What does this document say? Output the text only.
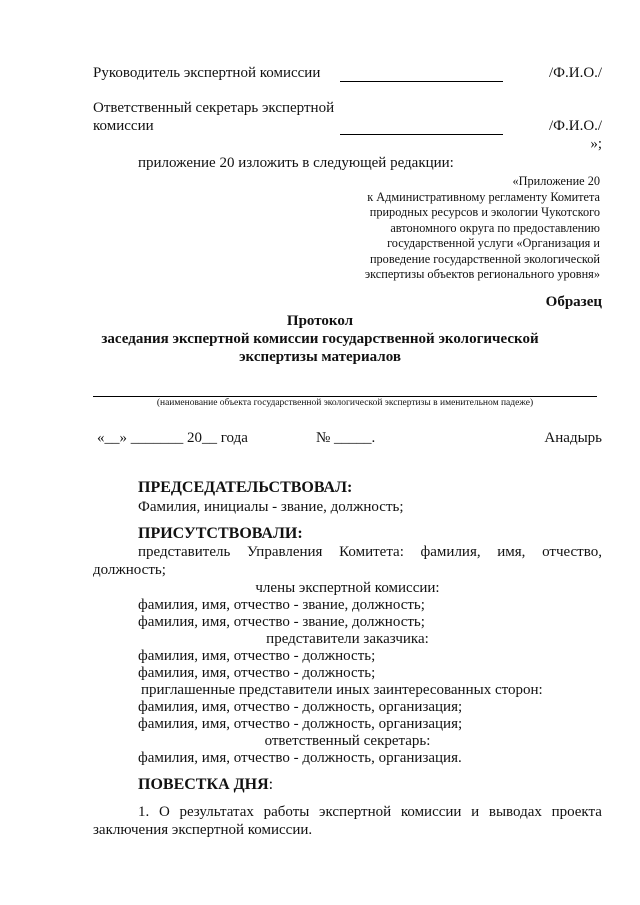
Руководитель экспертной комиссии	/Ф.И.О./
Ответственный секретарь экспертной
комиссии	/Ф.И.О./
»;
приложение 20 изложить в следующей редакции:
«Приложение 20
к Административному регламенту Комитета
природных ресурсов и экологии Чукотского
автономного округа по предоставлению
государственной услуги «Организация и
проведение государственной экологической
экспертизы объектов регионального уровня»
Образец
Протокол
заседания экспертной комиссии государственной экологической
экспертизы материалов
(наименование объекта государственной экологической экспертизы в именительном падеже)
«__» _______ 20__ года	№ _____.	Анадырь
ПРЕДСЕДАТЕЛЬСТВОВАЛ:
Фамилия, инициалы - звание, должность;
ПРИСУТСТВОВАЛИ:
представитель Управления Комитета: фамилия, имя, отчество,
должность;
члены экспертной комиссии:
фамилия, имя, отчество - звание, должность;
фамилия, имя, отчество - звание, должность;
представители заказчика:
фамилия, имя, отчество - должность;
фамилия, имя, отчество - должность;
приглашенные представители иных заинтересованных сторон:
фамилия, имя, отчество - должность, организация;
фамилия, имя, отчество - должность, организация;
ответственный секретарь:
фамилия, имя, отчество - должность, организация.
ПОВЕСТКА ДНЯ:
1. О результатах работы экспертной комиссии и выводах проекта
заключения экспертной комиссии.
